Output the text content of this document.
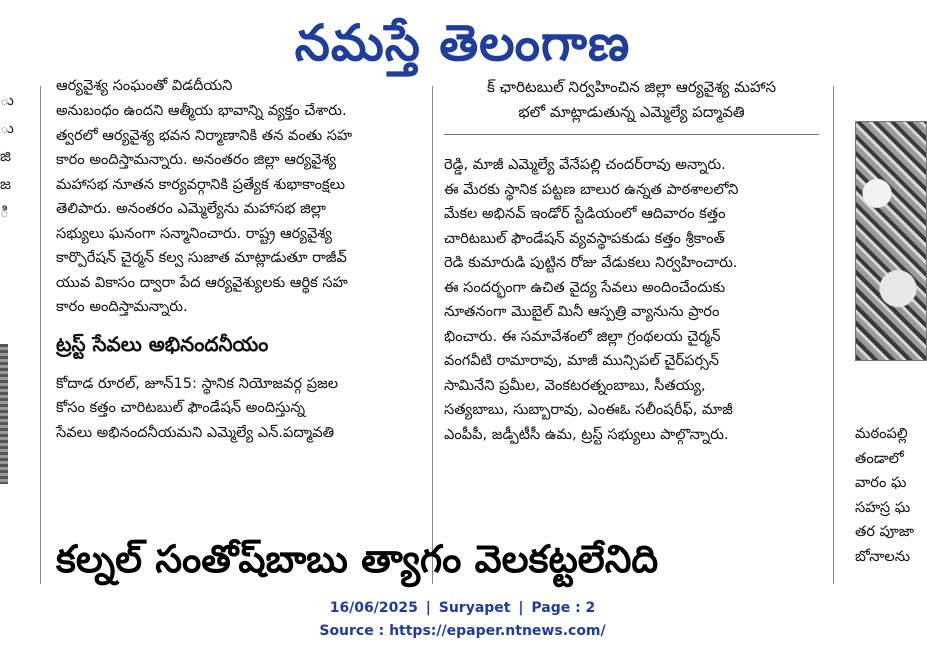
నమస్తే తెలంగాణ
ు
ు
జి
జ
ి
ఆర్యవైశ్య సంఘంతో విడదీయని
అనుబంధం ఉందని ఆత్మీయ భావాన్ని వ్యక్తం చేశారు.
త్వరలో ఆర్యవైశ్య భవన నిర్మాణానికి తన వంతు సహ
కారం అందిస్తామన్నారు. అనంతరం జిల్లా ఆర్యవైశ్య
మహాసభ నూతన కార్యవర్గానికి ప్రత్యేక శుభాకాంక్షలు
తెలిపారు. అనంతరం ఎమ్మెల్యేను మహాసభ జిల్లా
సభ్యులు ఘనంగా సన్మానించారు. రాష్ట్ర ఆర్యవైశ్య
కార్పొరేషన్ చైర్మన్ కల్వ సుజాత మాట్లాడుతూ రాజీవ్
యువ వికాసం ద్వారా పేద ఆర్యవైశ్యులకు ఆర్థిక సహ
కారం అందిస్తామన్నారు.
ట్రస్ట్ సేవలు అభినందనీయం
కోదాడ రూరల్, జూన్15: స్థానిక నియోజవర్గ ప్రజల
కోసం కత్తం చారిటబుల్ ఫౌండేషన్ అందిస్తున్న
సేవలు అభినందనీయమని ఎమ్మెల్యే ఎన్.పద్మావతి
క్ ఛారిటబుల్ నిర్వహించిన జిల్లా ఆర్యవైశ్య మహాస
భలో మాట్లాడుతున్న ఎమ్మెల్యే పద్మావతి
రెడ్డి, మాజీ ఎమ్మెల్యే వేనేపల్లి చందర్‌రావు అన్నారు.
ఈ మేరకు స్థానిక పట్టణ బాలుర ఉన్నత పాఠశాలలోని
మేకల అభినవ్ ఇండోర్ స్టేడియంలో ఆదివారం కత్తం
చారిటబుల్ ఫౌండేషన్ వ్యవస్థాపకుడు కత్తం శ్రీకాంత్
రెడి కుమారుడి పుట్టిన రోజు వేడుకలు నిర్వహించారు.
ఈ సందర్భంగా ఉచిత వైద్య సేవలు అందించేందుకు
నూతనంగా మొబైల్ మినీ ఆస్పత్రి వ్యానును ప్రారం
భించారు. ఈ సమావేశంలో జిల్లా గ్రంథలయ చైర్మన్
వంగవీటి రామారావు, మాజీ మున్సిపల్ చైర్‌పర్సన్
సామినేని ప్రమీల, వెంకటరత్నంబాబు, సీతయ్య,
సత్యబాబు, సుబ్బారావు, ఎంఈఓ సలీంషరీఫ్, మాజీ
ఎంపీపీ, జడ్పీటీసీ ఉమ, ట్రస్ట్ సభ్యులు పాల్గొన్నారు.	మఠంపల్లి
తండాలో
వారం ఘ
సహస్ర ఘ
తర పూజా
బోనాలను
కల్నల్ సంతోష్‌బాబు త్యాగం వెలకట్టలేనిది
16/06/2025 | Suryapet | Page : 2
Source : https://epaper.ntnews.com/
